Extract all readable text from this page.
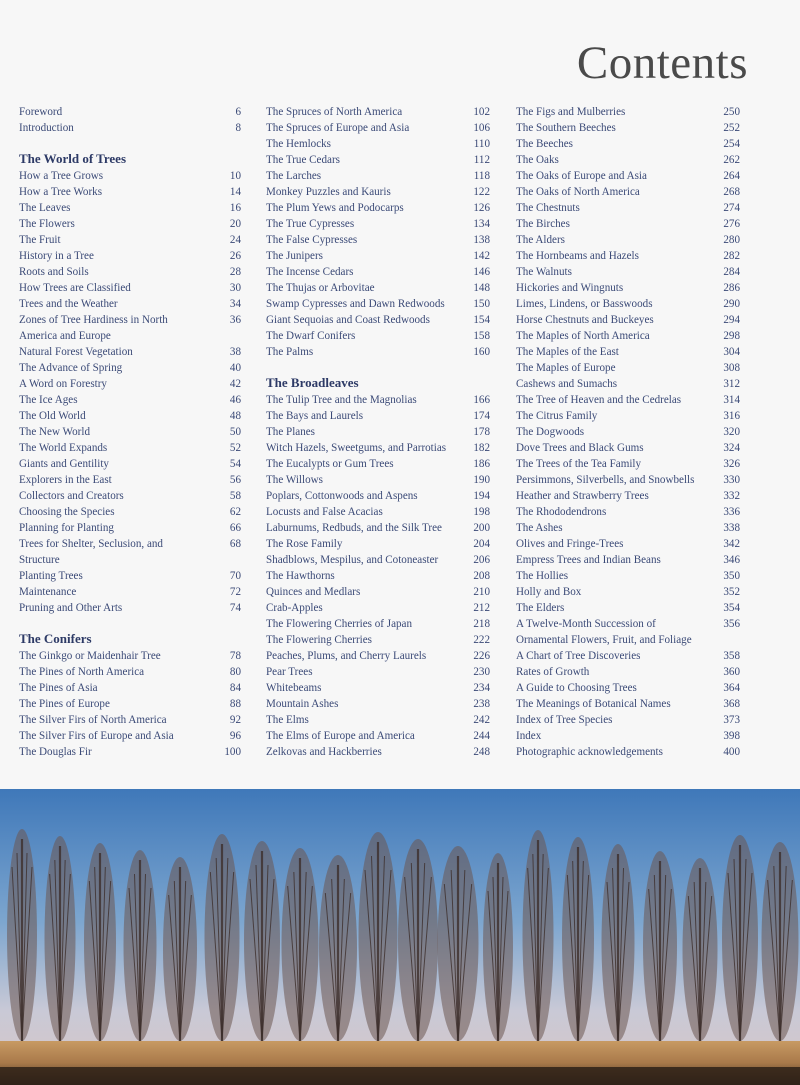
Contents
Foreword	6
Introduction	8
The World of Trees
How a Tree Grows	10
How a Tree Works	14
The Leaves	16
The Flowers	20
The Fruit	24
History in a Tree	26
Roots and Soils	28
How Trees are Classified	30
Trees and the Weather	34
Zones of Tree Hardiness in North
America and Europe
36
Natural Forest Vegetation	38
The Advance of Spring	40
A Word on Forestry	42
The Ice Ages	46
The Old World	48
The New World	50
The World Expands	52
Giants and Gentility	54
Explorers in the East	56
Collectors and Creators	58
Choosing the Species	62
Planning for Planting	66
Trees for Shelter, Seclusion, and
Structure
68
Planting Trees	70
Maintenance	72
Pruning and Other Arts	74
The Conifers
The Ginkgo or Maidenhair Tree	78
The Pines of North America	80
The Pines of Asia	84
The Pines of Europe	88
The Silver Firs of North America	92
The Silver Firs of Europe and Asia	96
The Douglas Fir	100
The Spruces of North America	102
The Spruces of Europe and Asia	106
The Hemlocks	110
The True Cedars	112
The Larches	118
Monkey Puzzles and Kauris	122
The Plum Yews and Podocarps	126
The True Cypresses	134
The False Cypresses	138
The Junipers	142
The Incense Cedars	146
The Thujas or Arbovitae	148
Swamp Cypresses and Dawn Redwoods	150
Giant Sequoias and Coast Redwoods	154
The Dwarf Conifers	158
The Palms	160
The Broadleaves
The Tulip Tree and the Magnolias	166
The Bays and Laurels	174
The Planes	178
Witch Hazels, Sweetgums, and Parrotias	182
The Eucalypts or Gum Trees	186
The Willows	190
Poplars, Cottonwoods and Aspens	194
Locusts and False Acacias	198
Laburnums, Redbuds, and the Silk Tree	200
The Rose Family	204
Shadblows, Mespilus, and Cotoneaster	206
The Hawthorns	208
Quinces and Medlars	210
Crab-Apples	212
The Flowering Cherries of Japan	218
The Flowering Cherries	222
Peaches, Plums, and Cherry Laurels	226
Pear Trees	230
Whitebeams	234
Mountain Ashes	238
The Elms	242
The Elms of Europe and America	244
Zelkovas and Hackberries	248
The Figs and Mulberries	250
The Southern Beeches	252
The Beeches	254
The Oaks	262
The Oaks of Europe and Asia	264
The Oaks of North America	268
The Chestnuts	274
The Birches	276
The Alders	280
The Hornbeams and Hazels	282
The Walnuts	284
Hickories and Wingnuts	286
Limes, Lindens, or Basswoods	290
Horse Chestnuts and Buckeyes	294
The Maples of North America	298
The Maples of the East	304
The Maples of Europe	308
Cashews and Sumachs	312
The Tree of Heaven and the Cedrelas	314
The Citrus Family	316
The Dogwoods	320
Dove Trees and Black Gums	324
The Trees of the Tea Family	326
Persimmons, Silverbells, and Snowbells	330
Heather and Strawberry Trees	332
The Rhododendrons	336
The Ashes	338
Olives and Fringe-Trees	342
Empress Trees and Indian Beans	346
The Hollies	350
Holly and Box	352
The Elders	354
A Twelve-Month Succession of
Ornamental Flowers, Fruit, and Foliage
356
A Chart of Tree Discoveries	358
Rates of Growth	360
A Guide to Choosing Trees	364
The Meanings of Botanical Names	368
Index of Tree Species	373
Index	398
Photographic acknowledgements	400
